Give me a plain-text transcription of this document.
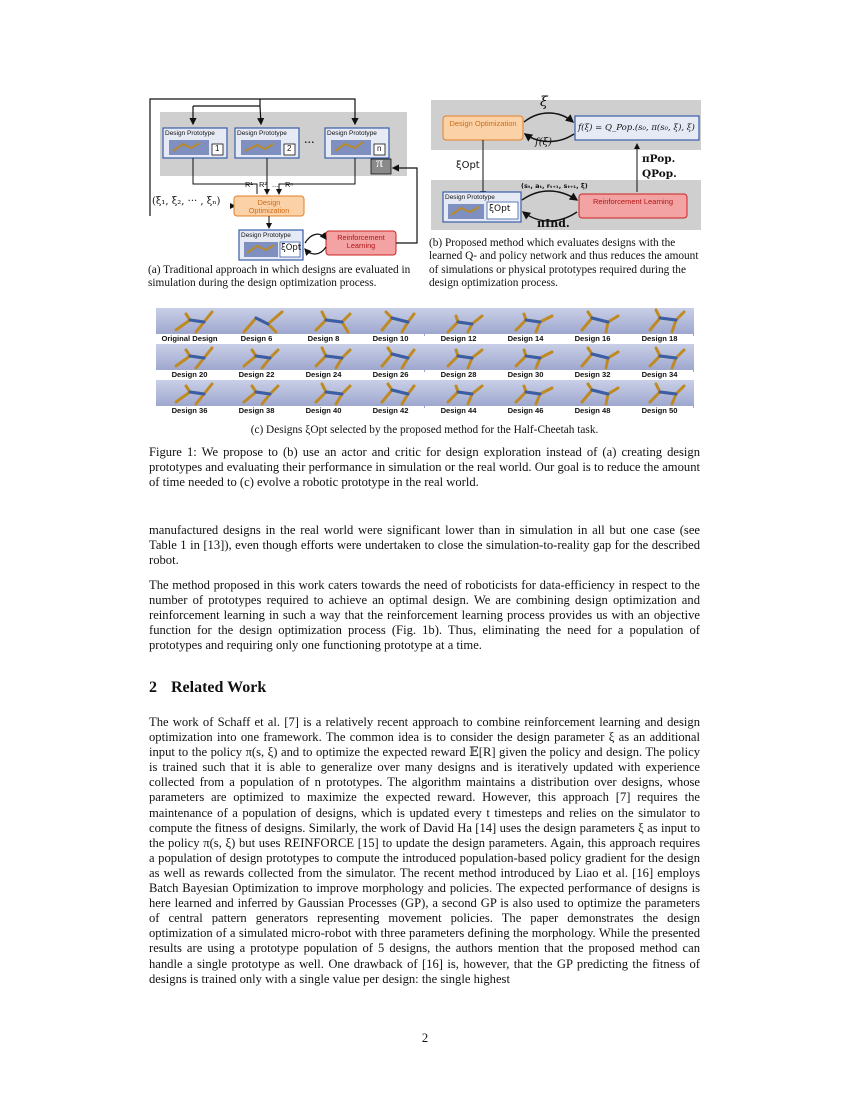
Design Prototype	Design Prototype	Design Prototype
1	2	n
...
π
R¹ R² ... Rⁿ
(ξ₁, ξ₂, ··· , ξₙ)	Design Optimization
Design Prototype
ξOpt
Reinforcement Learning
(a) Traditional approach in which designs are evaluated in simulation during the design optimization process.
ξ
f(ξ)
Design Optimization	f(ξ) = Q_Pop.(s₀, π(s₀, ξ), ξ)
ξOpt
πPop.
QPop.
(sₜ, aₜ, rₜ₊₁, sₜ₊₁, ξ)
Design Prototype
ξOpt
Reinforcement Learning
πInd.
(b) Proposed method which evaluates designs with the learned Q- and policy network and thus reduces the amount of simulations or physical prototypes required during the design optimization process.
Original Design	Design 6	Design 8	Design 10	Design 12	Design 14	Design 16	Design 18
Design 20	Design 22	Design 24	Design 26	Design 28	Design 30	Design 32	Design 34
Design 36	Design 38	Design 40	Design 42	Design 44	Design 46	Design 48	Design 50
(c) Designs ξOpt selected by the proposed method for the Half-Cheetah task.

Figure 1: We propose to (b) use an actor and critic for design exploration instead of (a) creating design prototypes and evaluating their performance in simulation or the real world. Our goal is to reduce the amount of time needed to (c) evolve a robotic prototype in the real world.

manufactured designs in the real world were significant lower than in simulation in all but one case (see Table 1 in [13]), even though efforts were undertaken to close the simulation-to-reality gap for the described robot.

The method proposed in this work caters towards the need of roboticists for data-efficiency in respect to the number of prototypes required to achieve an optimal design. We are combining design optimization and reinforcement learning in such a way that the reinforcement learning process provides us with an objective function for the design optimization process (Fig. 1b). Thus, eliminating the need for a population of prototypes and requiring only one functioning prototype at a time.

2 Related Work

The work of Schaff et al. [7] is a relatively recent approach to combine reinforcement learning and design optimization into one framework. The common idea is to consider the design parameter ξ as an additional input to the policy π(s, ξ) and to optimize the expected reward 𝔼[R] given the policy and design. The policy is trained such that it is able to generalize over many designs and is iteratively updated with experience collected from a population of n prototypes. The algorithm maintains a distribution over designs, whose parameters are optimized to maximize the expected reward. However, this approach [7] requires the maintenance of a population of designs, which is updated every t timesteps and relies on the simulator to compute the fitness of designs. Similarly, the work of David Ha [14] uses the design parameters ξ as input to the policy π(s, ξ) but uses REINFORCE [15] to update the design parameters. Again, this approach requires a population of design prototypes to compute the introduced population-based policy gradient for the design as well as rewards collected from the simulator. The recent method introduced by Liao et al. [16] employs Batch Bayesian Optimization to improve morphology and policies. The expected performance of designs is here learned and inferred by Gaussian Processes (GP), a second GP is also used to optimize the parameters of central pattern generators representing movement policies. The paper demonstrates the design optimization of a simulated micro-robot with three parameters defining the morphology. While the presented results are using a prototype population of 5 designs, the authors mention that the proposed method can handle a single prototype as well. One drawback of [16] is, however, that the GP predicting the fitness of designs is trained only with a single value per design: the single highest

2
